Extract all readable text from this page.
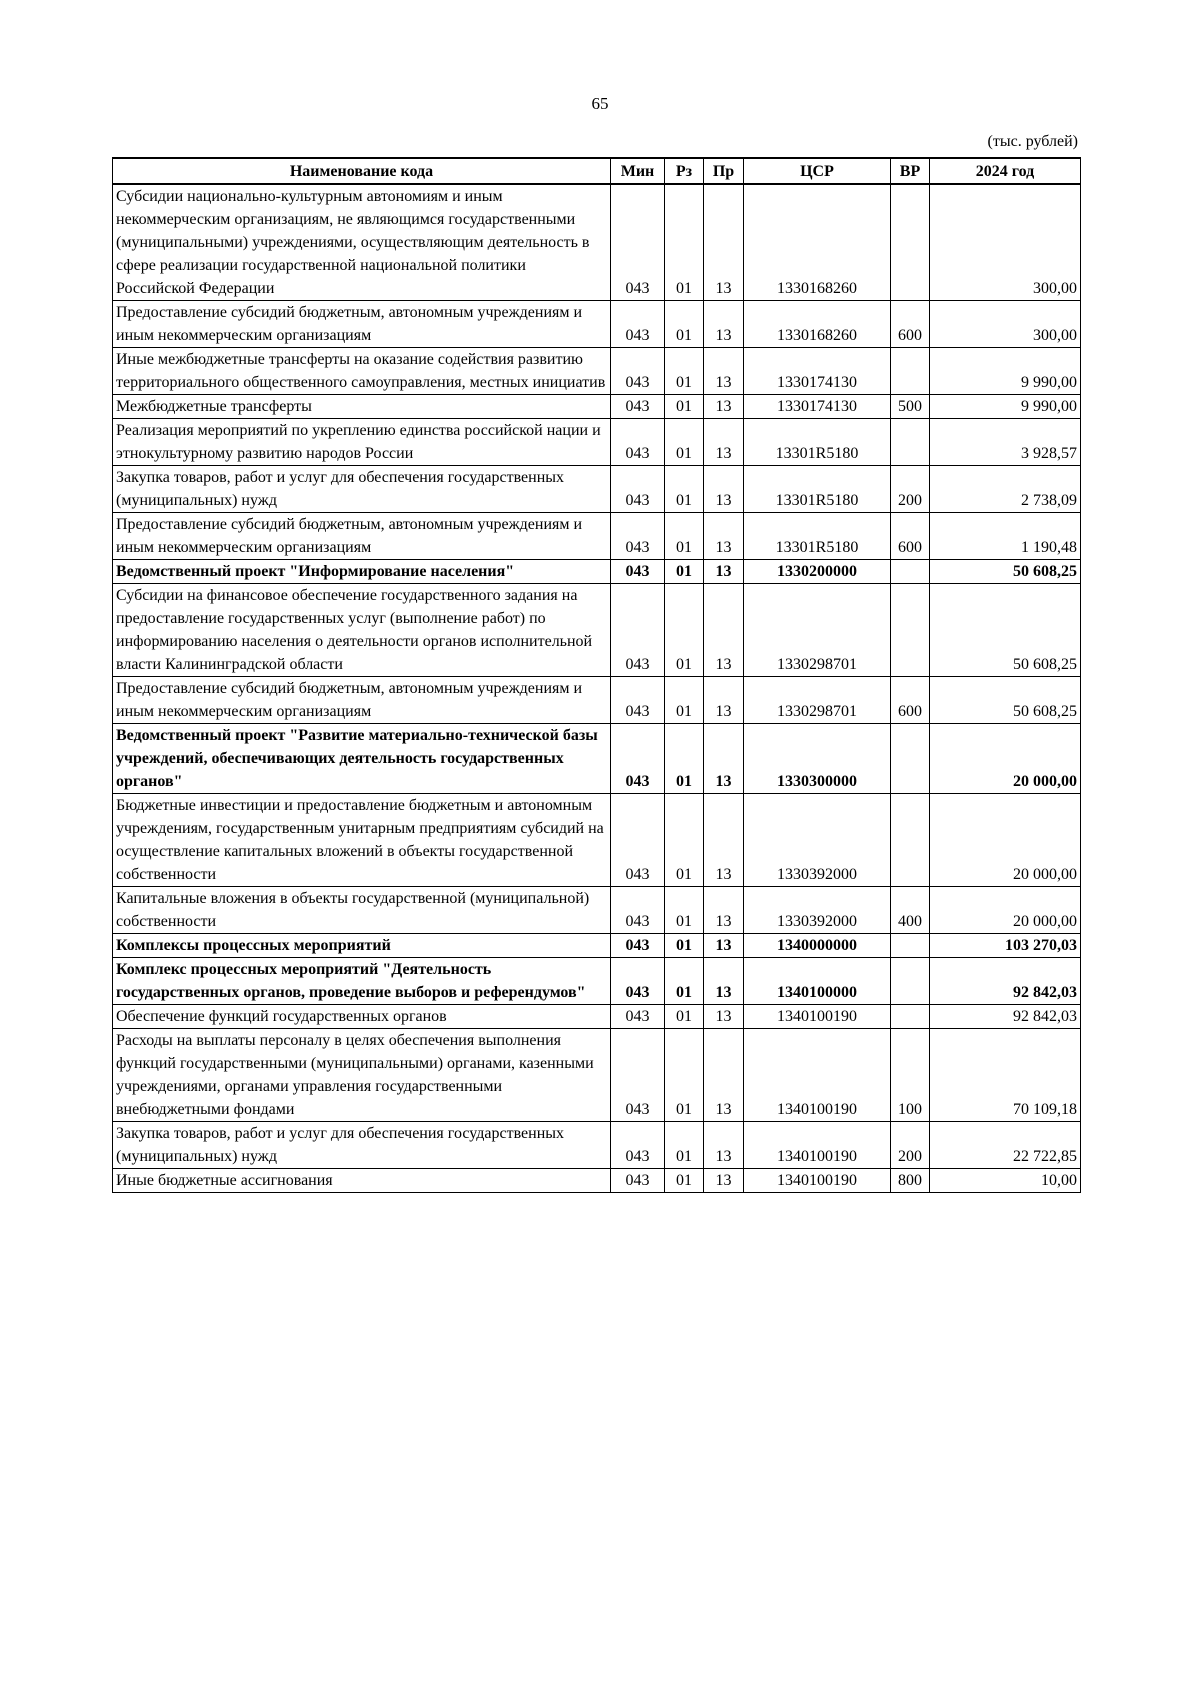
65
(тыс. рублей)
Наименование кода	Мин	Рз	Пр	ЦСР	ВР	2024 год
Субсидии национально-культурным автономиям и иным некоммерческим организациям, не являющимся государственными (муниципальными) учреждениями, осуществляющим деятельность в сфере реализации государственной национальной политики Российской Федерации	043	01	13	1330168260		300,00
Предоставление субсидий бюджетным, автономным учреждениям и иным некоммерческим организациям	043	01	13	1330168260	600	300,00
Иные межбюджетные трансферты на оказание содействия развитию территориального общественного самоуправления, местных инициатив	043	01	13	1330174130		9 990,00
Межбюджетные трансферты	043	01	13	1330174130	500	9 990,00
Реализация мероприятий по укреплению единства российской нации и этнокультурному развитию народов России	043	01	13	13301R5180		3 928,57
Закупка товаров, работ и услуг для обеспечения государственных (муниципальных) нужд	043	01	13	13301R5180	200	2 738,09
Предоставление субсидий бюджетным, автономным учреждениям и иным некоммерческим организациям	043	01	13	13301R5180	600	1 190,48
Ведомственный проект "Информирование населения"	043	01	13	1330200000		50 608,25
Субсидии на финансовое обеспечение государственного задания на предоставление государственных услуг (выполнение работ) по информированию населения о деятельности органов исполнительной власти Калининградской области	043	01	13	1330298701		50 608,25
Предоставление субсидий бюджетным, автономным учреждениям и иным некоммерческим организациям	043	01	13	1330298701	600	50 608,25
Ведомственный проект "Развитие материально-технической базы учреждений, обеспечивающих деятельность государственных органов"	043	01	13	1330300000		20 000,00
Бюджетные инвестиции и предоставление бюджетным и автономным учреждениям, государственным унитарным предприятиям субсидий на осуществление капитальных вложений в объекты государственной собственности	043	01	13	1330392000		20 000,00
Капитальные вложения в объекты государственной (муниципальной) собственности	043	01	13	1330392000	400	20 000,00
Комплексы процессных мероприятий	043	01	13	1340000000		103 270,03
Комплекс процессных мероприятий "Деятельность государственных органов, проведение выборов и референдумов"	043	01	13	1340100000		92 842,03
Обеспечение функций государственных органов	043	01	13	1340100190		92 842,03
Расходы на выплаты персоналу в целях обеспечения выполнения функций государственными (муниципальными) органами, казенными учреждениями, органами управления государственными внебюджетными фондами	043	01	13	1340100190	100	70 109,18
Закупка товаров, работ и услуг для обеспечения государственных (муниципальных) нужд	043	01	13	1340100190	200	22 722,85
Иные бюджетные ассигнования	043	01	13	1340100190	800	10,00
